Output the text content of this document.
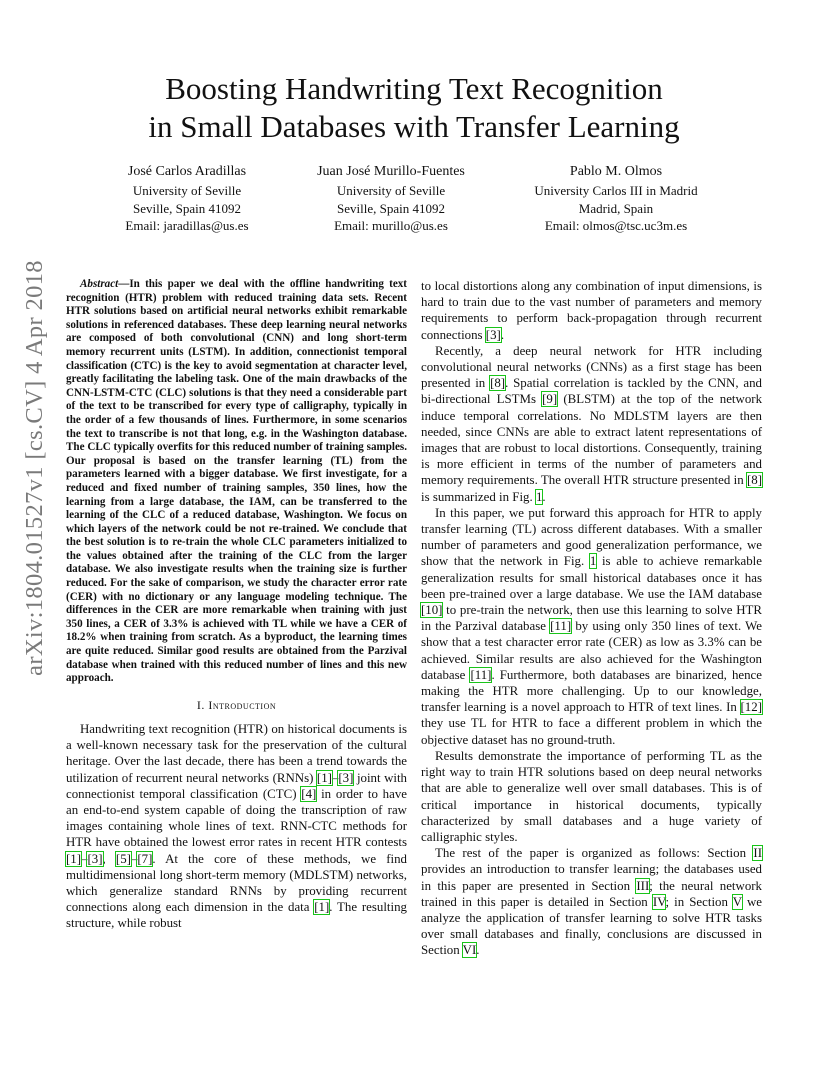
Boosting Handwriting Text Recognition
in Small Databases with Transfer Learning
José Carlos Aradillas
University of Seville
Seville, Spain 41092
Email: jaradillas@us.es
Juan José Murillo-Fuentes
University of Seville
Seville, Spain 41092
Email: murillo@us.es
Pablo M. Olmos
University Carlos III in Madrid
Madrid, Spain
Email: olmos@tsc.uc3m.es
arXiv:1804.01527v1 [cs.CV] 4 Apr 2018	Abstract—In this paper we deal with the offline handwriting text recognition (HTR) problem with reduced training data sets. Recent HTR solutions based on artificial neural networks exhibit remarkable solutions in referenced databases. These deep learning neural networks are composed of both convolutional (CNN) and long short-term memory recurrent units (LSTM). In addition, connectionist temporal classification (CTC) is the key to avoid segmentation at character level, greatly facilitating the labeling task. One of the main drawbacks of the CNN-LSTM-CTC (CLC) solutions is that they need a considerable part of the text to be transcribed for every type of calligraphy, typically in the order of a few thousands of lines. Furthermore, in some scenarios the text to transcribe is not that long, e.g. in the Washington database. The CLC typically overfits for this reduced number of training samples. Our proposal is based on the transfer learning (TL) from the parameters learned with a bigger database. We first investigate, for a reduced and fixed number of training samples, 350 lines, how the learning from a large database, the IAM, can be transferred to the learning of the CLC of a reduced database, Washington. We focus on which layers of the network could be not re-trained. We conclude that the best solution is to re-train the whole CLC parameters initialized to the values obtained after the training of the CLC from the larger database. We also investigate results when the training size is further reduced. For the sake of comparison, we study the character error rate (CER) with no dictionary or any language modeling technique. The differences in the CER are more remarkable when training with just 350 lines, a CER of 3.3% is achieved with TL while we have a CER of 18.2% when training from scratch. As a byproduct, the learning times are quite reduced. Similar good results are obtained from the Parzival database when trained with this reduced number of lines and this new approach.

I. Introduction

Handwriting text recognition (HTR) on historical documents is a well-known necessary task for the preservation of the cultural heritage. Over the last decade, there has been a trend towards the utilization of recurrent neural networks (RNNs) [1]–[3] joint with connectionist temporal classification (CTC) [4] in order to have an end-to-end system capable of doing the transcription of raw images containing whole lines of text. RNN-CTC methods for HTR have obtained the lowest error rates in recent HTR contests [1]–[3], [5]–[7]. At the core of these methods, we find multidimensional long short-term memory (MDLSTM) networks, which generalize standard RNNs by providing recurrent connections along each dimension in the data [1]. The resulting structure, while robust

to local distortions along any combination of input dimensions, is hard to train due to the vast number of parameters and memory requirements to perform back-propagation through recurrent connections [3].

Recently, a deep neural network for HTR including convolutional neural networks (CNNs) as a first stage has been presented in [8]. Spatial correlation is tackled by the CNN, and bi-directional LSTMs [9] (BLSTM) at the top of the network induce temporal correlations. No MDLSTM layers are then needed, since CNNs are able to extract latent representations of images that are robust to local distortions. Consequently, training is more efficient in terms of the number of parameters and memory requirements. The overall HTR structure presented in [8] is summarized in Fig. 1.

In this paper, we put forward this approach for HTR to apply transfer learning (TL) across different databases. With a smaller number of parameters and good generalization performance, we show that the network in Fig. 1 is able to achieve remarkable generalization results for small historical databases once it has been pre-trained over a large database. We use the IAM database [10] to pre-train the network, then use this learning to solve HTR in the Parzival database [11] by using only 350 lines of text. We show that a test character error rate (CER) as low as 3.3% can be achieved. Similar results are also achieved for the Washington database [11]. Furthermore, both databases are binarized, hence making the HTR more challenging. Up to our knowledge, transfer learning is a novel approach to HTR of text lines. In [12] they use TL for HTR to face a different problem in which the objective dataset has no ground-truth.

Results demonstrate the importance of performing TL as the right way to train HTR solutions based on deep neural networks that are able to generalize well over small databases. This is of critical importance in historical documents, typically characterized by small databases and a huge variety of calligraphic styles.

The rest of the paper is organized as follows: Section II provides an introduction to transfer learning; the databases used in this paper are presented in Section III; the neural network trained in this paper is detailed in Section IV; in Section V we analyze the application of transfer learning to solve HTR tasks over small databases and finally, conclusions are discussed in Section VI.
